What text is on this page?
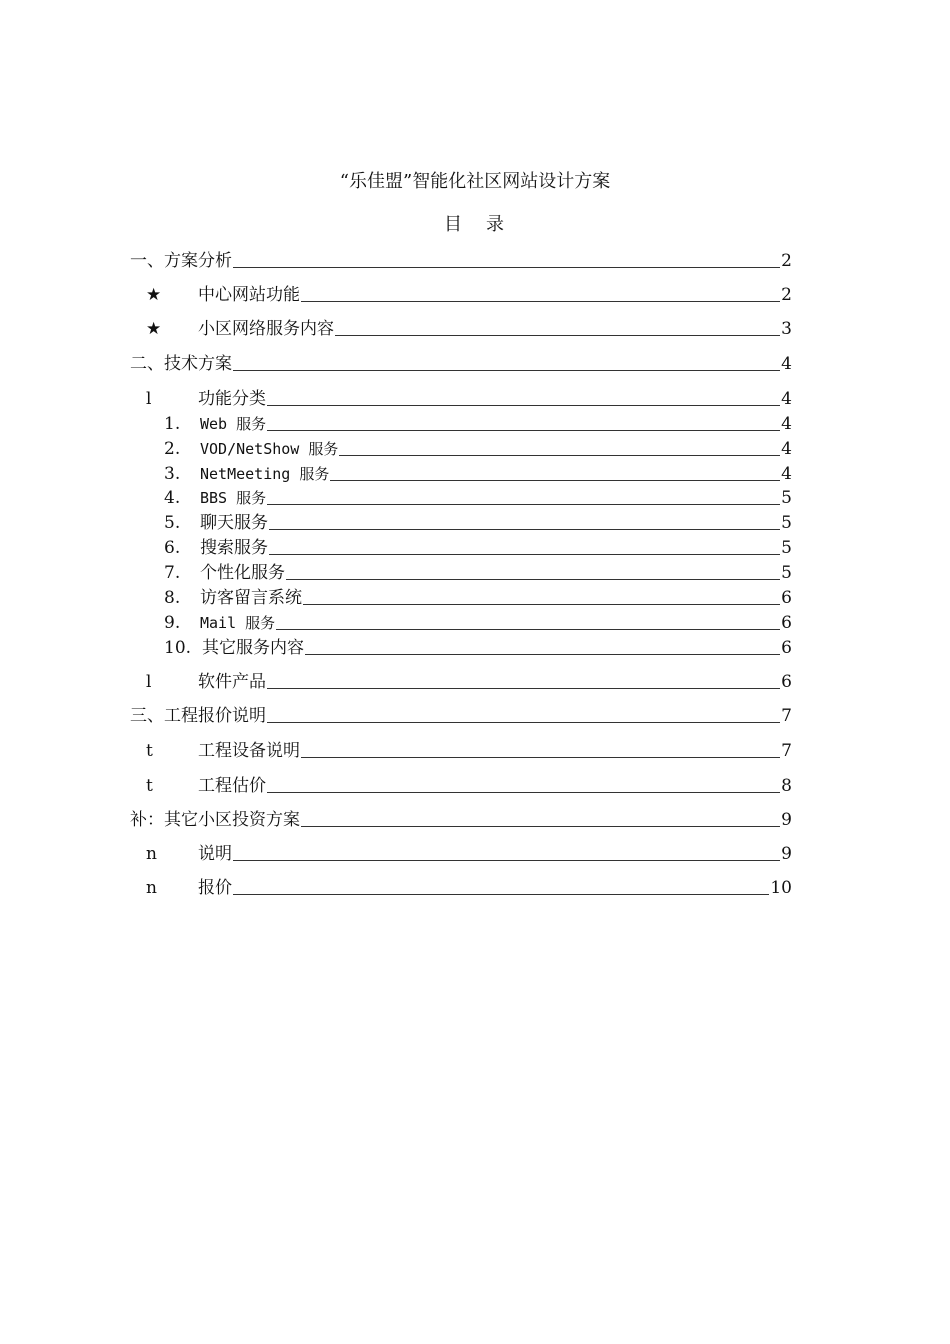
“乐佳盟”智能化社区网站设计方案
目 录
一、方案分析	2
★	中心网站功能	2
★	小区网络服务内容	3
二、技术方案	4
l	功能分类	4
1.	Web 服务	4
2.	VOD/NetShow 服务	4
3.	NetMeeting 服务	4
4.	BBS 服务	5
5.	聊天服务	5
6.	搜索服务	5
7.	个性化服务	5
8.	访客留言系统	6
9.	Mail 服务	6
10. 其它服务内容	6
l	软件产品	6
三、工程报价说明	7
t	工程设备说明	7
t	工程估价	8
补：其它小区投资方案	9
n	说明	9
n	报价	10
